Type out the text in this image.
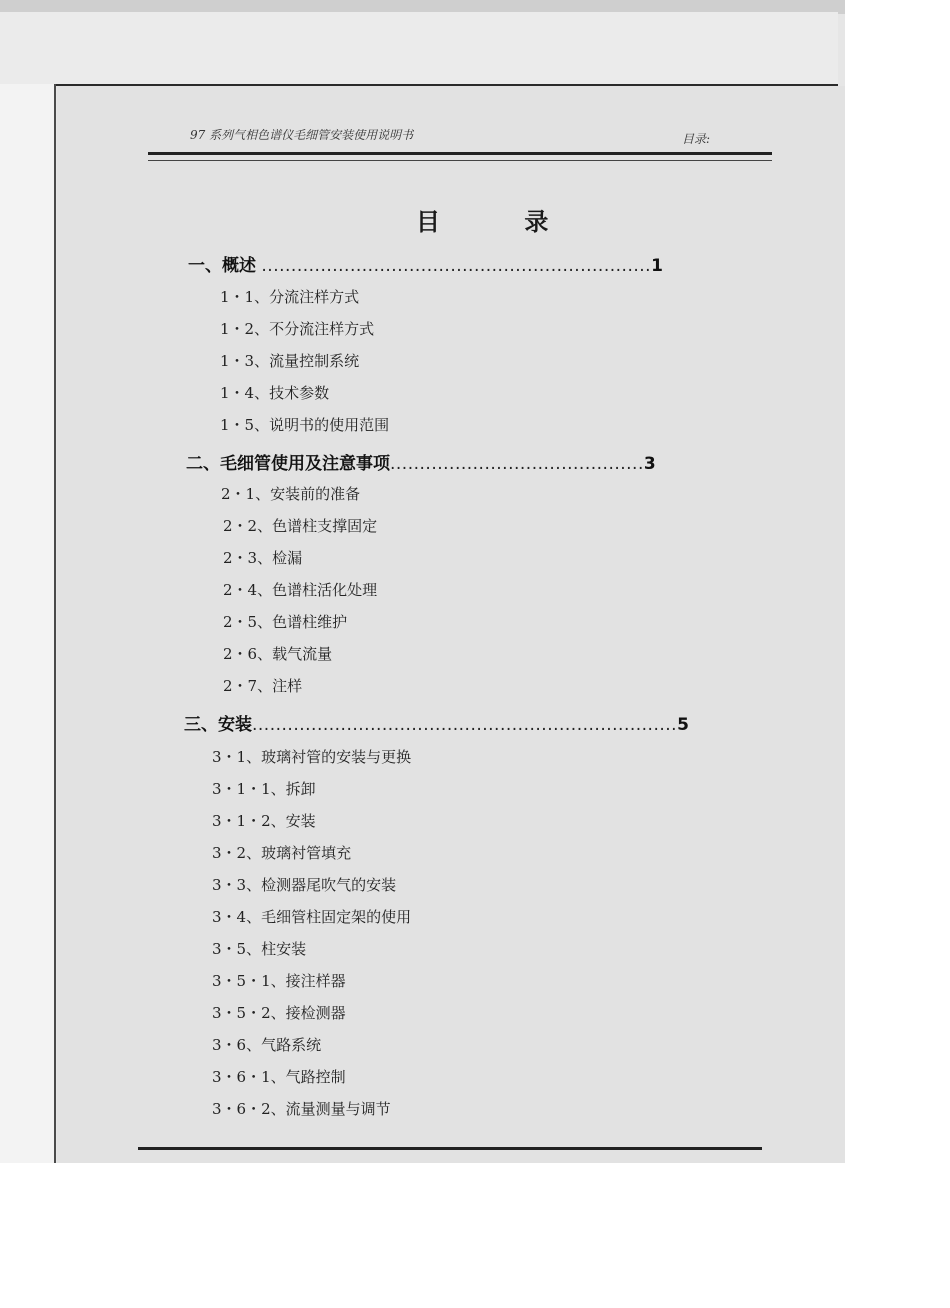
97 系列气相色谱仪毛细管安装使用说明书	目录:
目 录
一、概述 ..................................................................1
1・1、分流注样方式
1・2、不分流注样方式
1・3、流量控制系统
1・4、技术参数
1・5、说明书的使用范围
二、毛细管使用及注意事项...........................................3
2・1、安装前的准备
2・2、色谱柱支撑固定
2・3、检漏
2・4、色谱柱活化处理
2・5、色谱柱维护
2・6、载气流量
2・7、注样
三、安装........................................................................5
3・1、玻璃衬管的安装与更换
3・1・1、拆卸
3・1・2、安装
3・2、玻璃衬管填充
3・3、检测器尾吹气的安装
3・4、毛细管柱固定架的使用
3・5、柱安装
3・5・1、接注样器
3・5・2、接检测器
3・6、气路系统
3・6・1、气路控制
3・6・2、流量测量与调节
